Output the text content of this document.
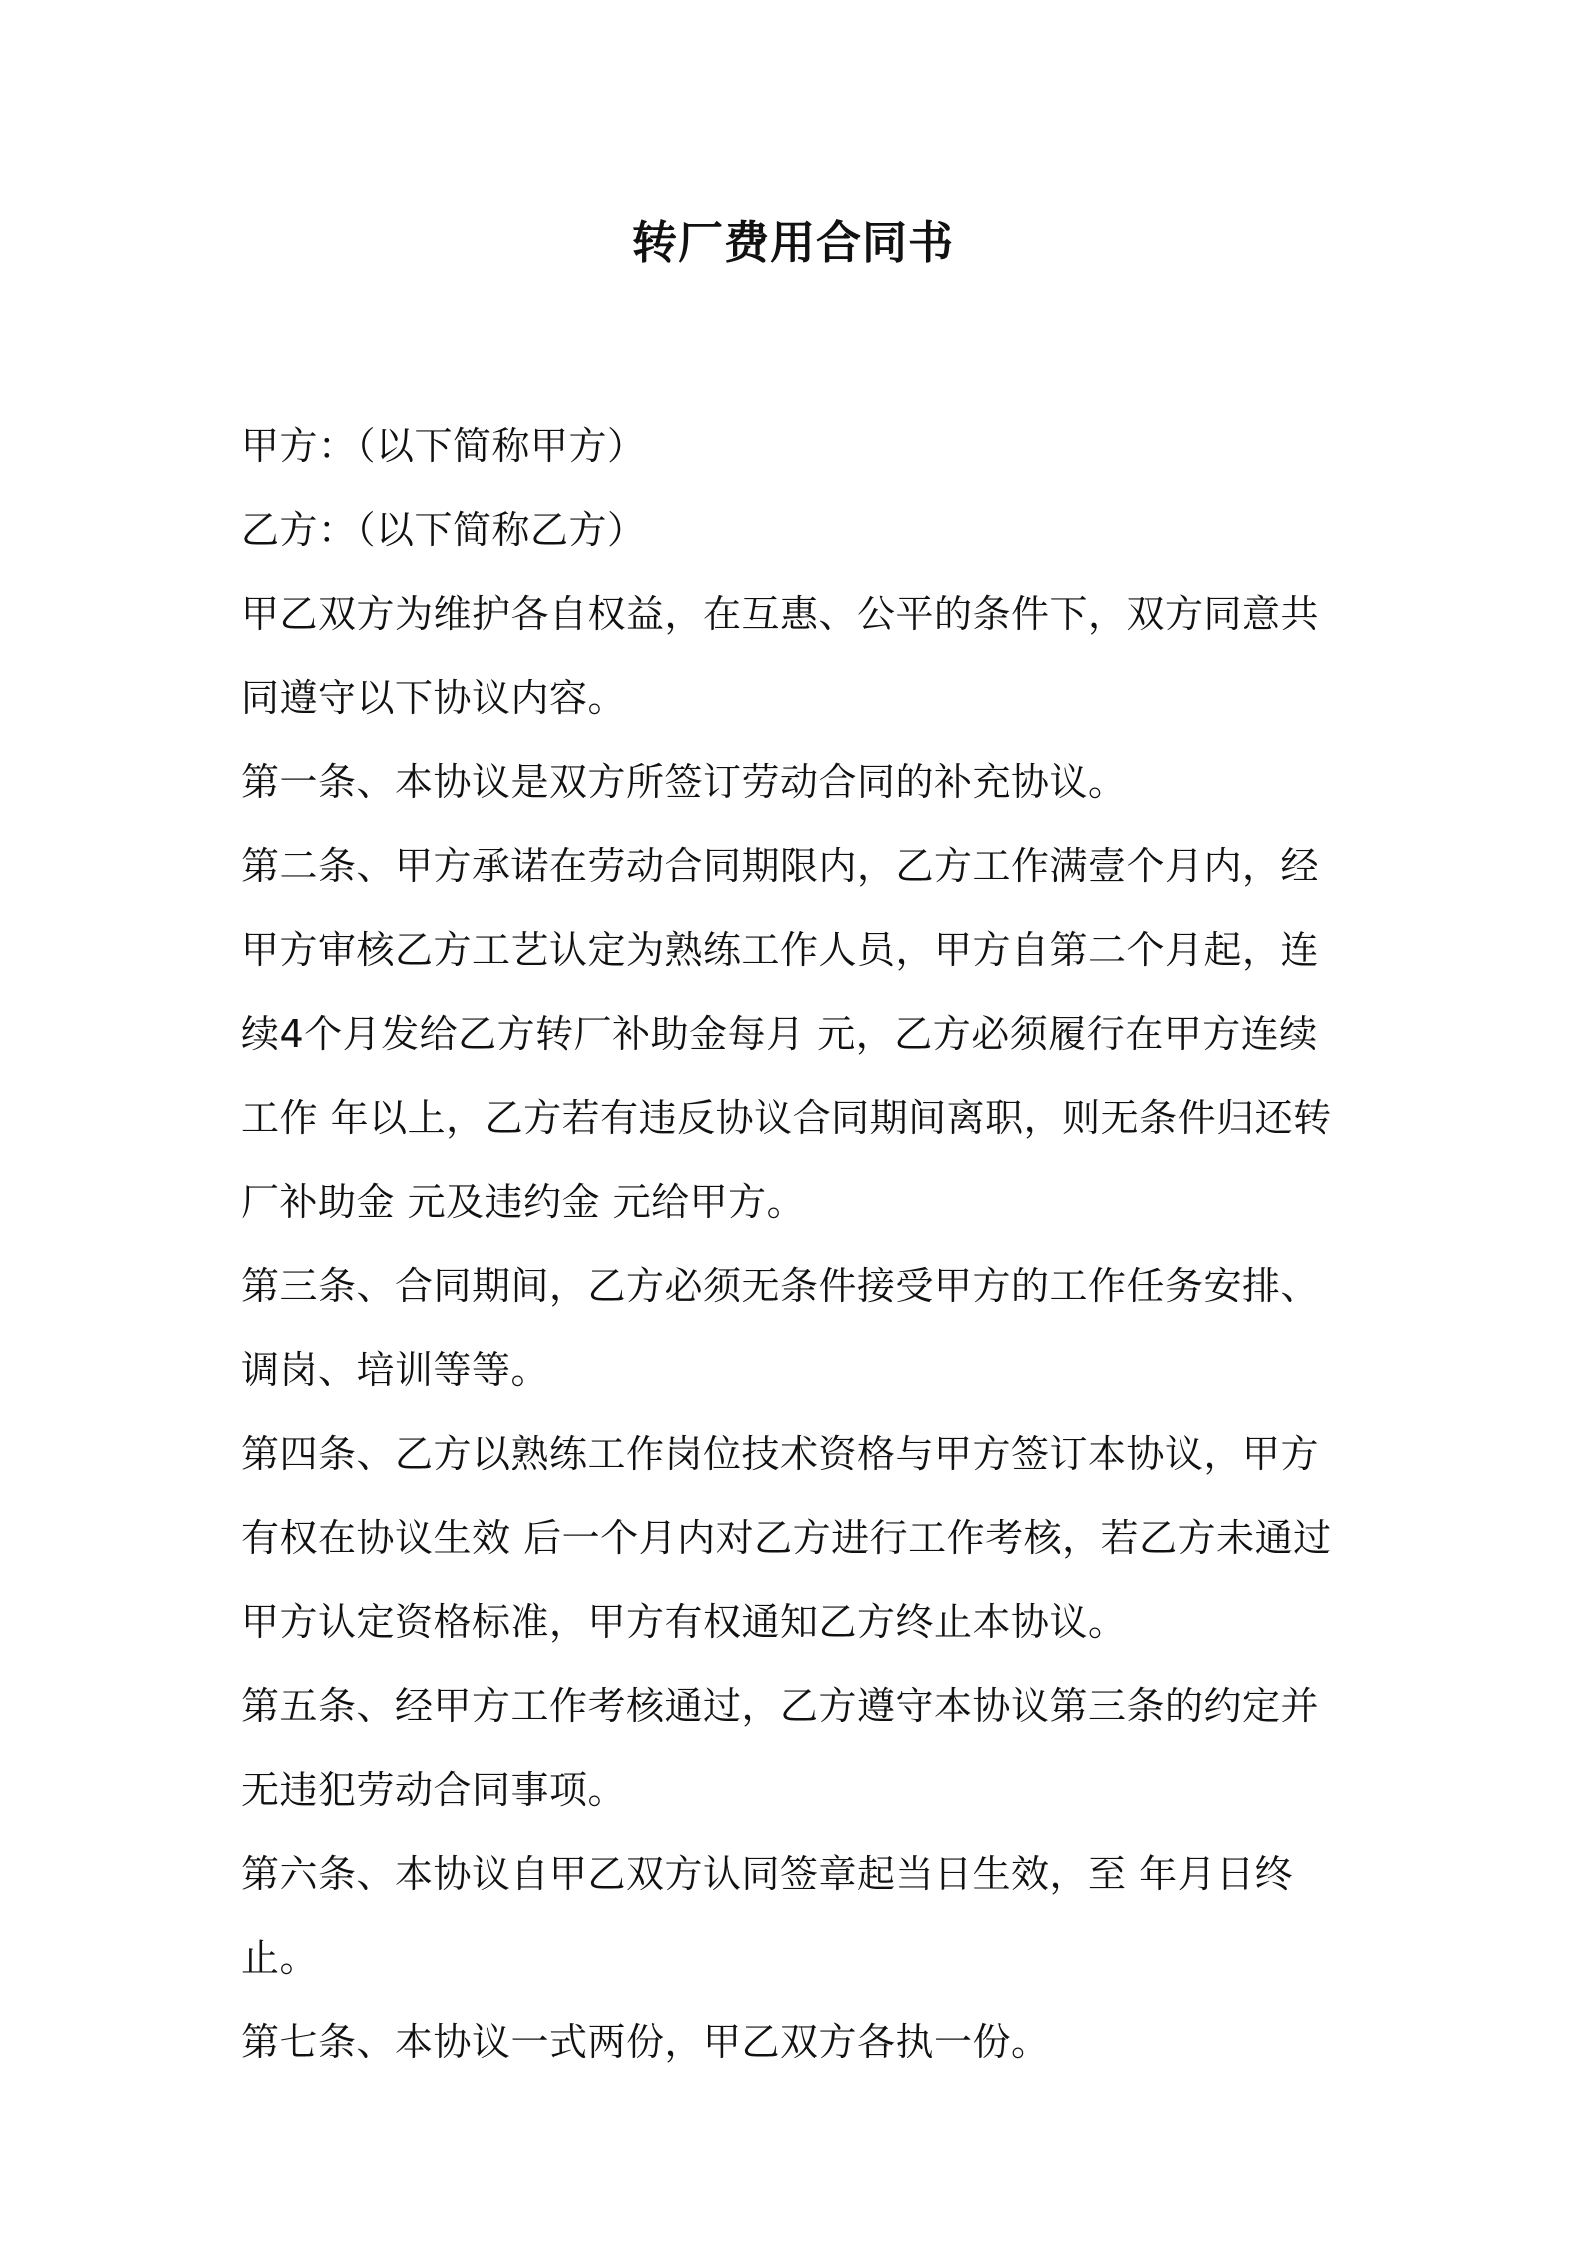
转厂费用合同书

甲方：（以下简称甲方）

乙方：（以下简称乙方）

甲乙双方为维护各自权益，在互惠、公平的条件下，双方同意共同遵守以下协议内容。

第一条、本协议是双方所签订劳动合同的补充协议。

第二条、甲方承诺在劳动合同期限内，乙方工作满壹个月内，经甲方审核乙方工艺认定为熟练工作人员，甲方自第二个月起，连续4个月发给乙方转厂补助金每月 元，乙方必须履行在甲方连续工作 年以上，乙方若有违反协议合同期间离职，则无条件归还转厂补助金 元及违约金 元给甲方。

第三条、合同期间，乙方必须无条件接受甲方的工作任务安排、调岗、培训等等。

第四条、乙方以熟练工作岗位技术资格与甲方签订本协议，甲方有权在协议生效 后一个月内对乙方进行工作考核，若乙方未通过甲方认定资格标准，甲方有权通知乙方终止本协议。

第五条、经甲方工作考核通过，乙方遵守本协议第三条的约定并无违犯劳动合同事项。

第六条、本协议自甲乙双方认同签章起当日生效，至 年月日终止。

第七条、本协议一式两份，甲乙双方各执一份。
